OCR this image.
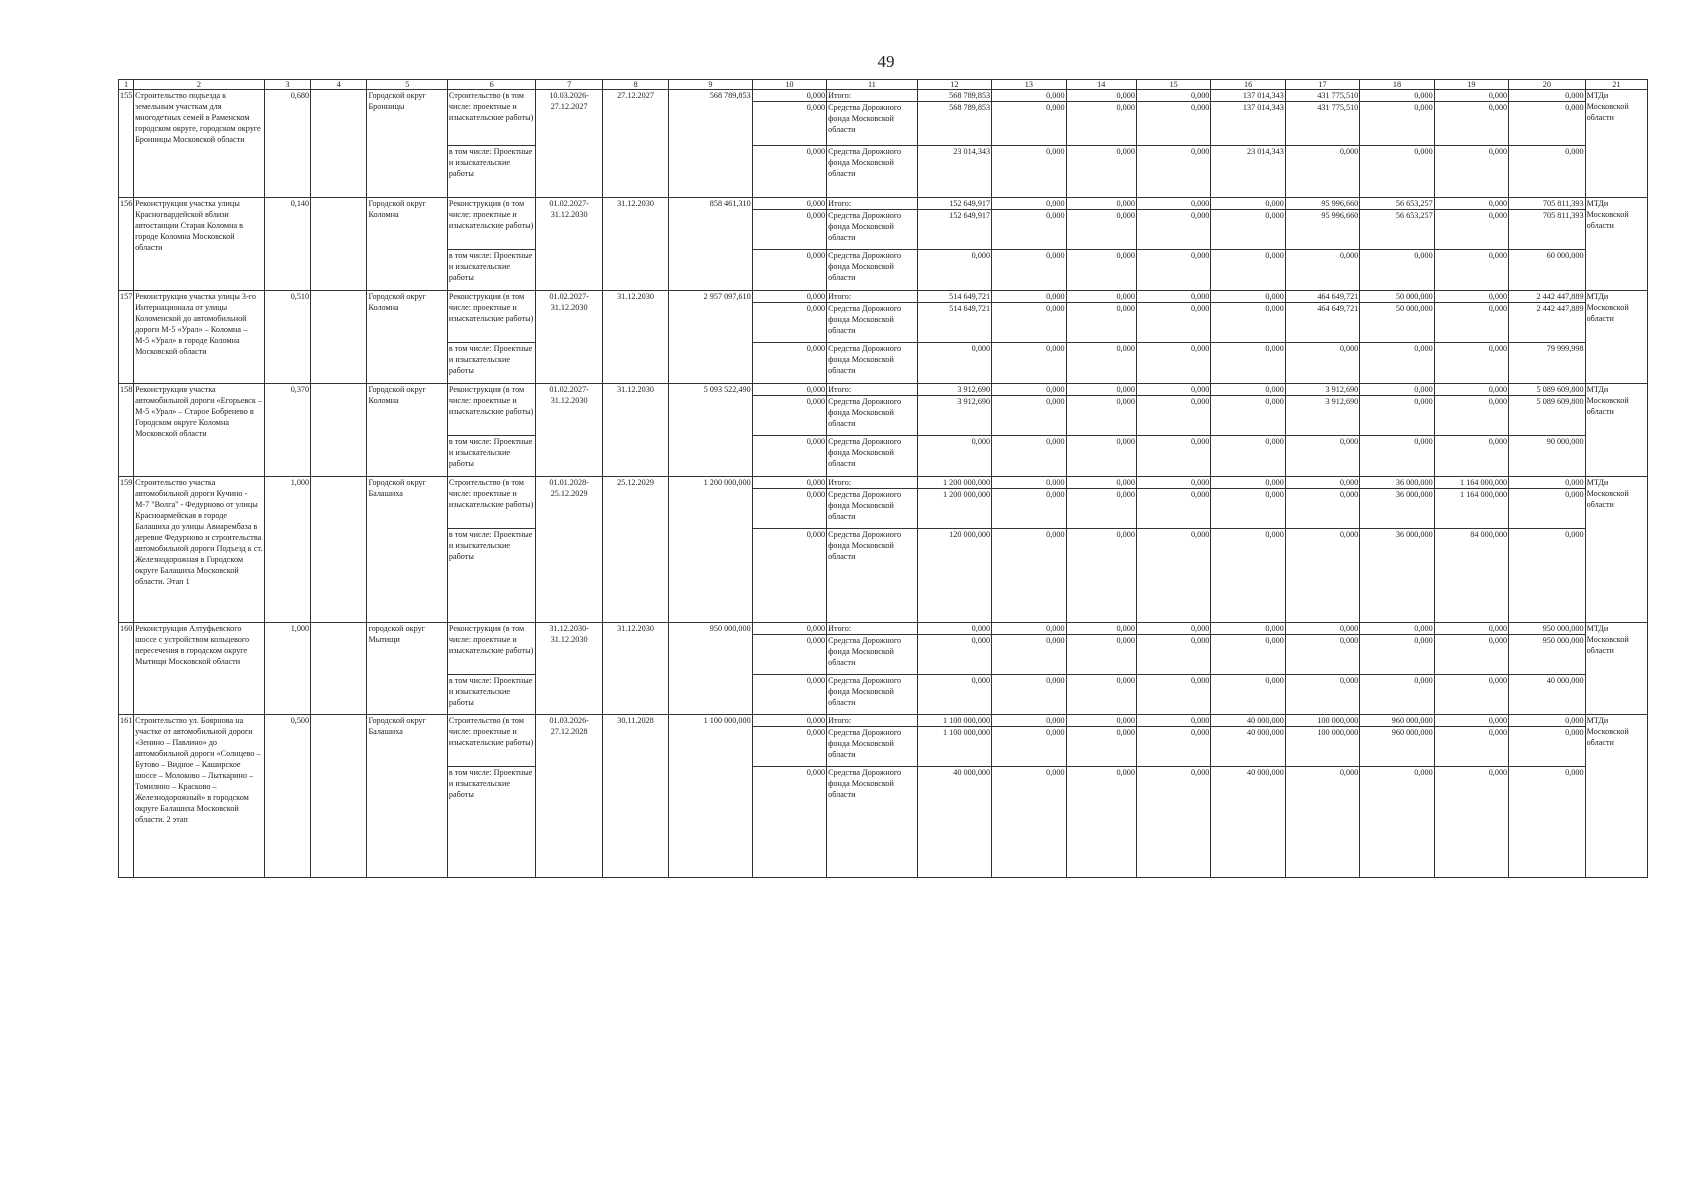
49
1	2	3	4	5	6	7	8	9	10	11	12	13	14	15	16	17	18	19	20	21
155	Строительство подъезда к земельным участкам для многодетных семей в Раменском городском округе, городском округе Бронницы Московской области	0,680		Городской округ Бронницы	Строительство (в том числе: проектные и изыскательские работы)	10.03.2026-27.12.2027	27.12.2027	568 789,853	0,000	Итого:	568 789,853	0,000	0,000	0,000	137 014,343	431 775,510	0,000	0,000	0,000	МТДи Московской области
									0,000	Средства Дорожного фонда Московской области	568 789,853	0,000	0,000	0,000	137 014,343	431 775,510	0,000	0,000	0,000	
					в том числе: Проектные и изыскательские работы				0,000	Средства Дорожного фонда Московской области	23 014,343	0,000	0,000	0,000	23 014,343	0,000	0,000	0,000	0,000	
156	Реконструкция участка улицы Красногвардейской вблизи автостанции Старая Коломна в городе Коломна Московской области	0,140		Городской округ Коломна	Реконструкция (в том числе: проектные и изыскательские работы)	01.02.2027-31.12.2030	31.12.2030	858 461,310	0,000	Итого:	152 649,917	0,000	0,000	0,000	0,000	95 996,660	56 653,257	0,000	705 811,393	МТДи Московской области
									0,000	Средства Дорожного фонда Московской области	152 649,917	0,000	0,000	0,000	0,000	95 996,660	56 653,257	0,000	705 811,393	
					в том числе: Проектные и изыскательские работы				0,000	Средства Дорожного фонда Московской области	0,000	0,000	0,000	0,000	0,000	0,000	0,000	0,000	60 000,000	
157	Реконструкция участка улицы 3-го Интернационала от улицы Коломенской до автомобильной дороги М-5 «Урал» – Коломна – М-5 «Урал» в городе Коломна Московской области	0,510		Городской округ Коломна	Реконструкция (в том числе: проектные и изыскательские работы)	01.02.2027-31.12.2030	31.12.2030	2 957 097,610	0,000	Итого:	514 649,721	0,000	0,000	0,000	0,000	464 649,721	50 000,000	0,000	2 442 447,889	МТДи Московской области
									0,000	Средства Дорожного фонда Московской области	514 649,721	0,000	0,000	0,000	0,000	464 649,721	50 000,000	0,000	2 442 447,889	
					в том числе: Проектные и изыскательские работы				0,000	Средства Дорожного фонда Московской области	0,000	0,000	0,000	0,000	0,000	0,000	0,000	0,000	79 999,998	
158	Реконструкция участка автомобильной дороги «Егорьевск – М-5 «Урал» – Старое Бобренево в Городском округе Коломна Московской области	0,370		Городской округ Коломна	Реконструкция (в том числе: проектные и изыскательские работы)	01.02.2027-31.12.2030	31.12.2030	5 093 522,490	0,000	Итого:	3 912,690	0,000	0,000	0,000	0,000	3 912,690	0,000	0,000	5 089 609,800	МТДи Московской области
									0,000	Средства Дорожного фонда Московской области	3 912,690	0,000	0,000	0,000	0,000	3 912,690	0,000	0,000	5 089 609,800	
					в том числе: Проектные и изыскательские работы				0,000	Средства Дорожного фонда Московской области	0,000	0,000	0,000	0,000	0,000	0,000	0,000	0,000	90 000,000	
159	Строительство участка автомобильной дороги Кучино - М-7 "Волга" - Федурново от улицы Красноармейская в городе Балашиха до улицы Авиарембаза в деревне Федурново и строительства автомобильной дороги Подъезд к ст. Железнодорожная в Городском округе Балашиха Московской области. Этап 1	1,000		Городской округ Балашиха	Строительство (в том числе: проектные и изыскательские работы)	01.01.2028-25.12.2029	25.12.2029	1 200 000,000	0,000	Итого:	1 200 000,000	0,000	0,000	0,000	0,000	0,000	36 000,000	1 164 000,000	0,000	МТДи Московской области
									0,000	Средства Дорожного фонда Московской области	1 200 000,000	0,000	0,000	0,000	0,000	0,000	36 000,000	1 164 000,000	0,000	
					в том числе: Проектные и изыскательские работы				0,000	Средства Дорожного фонда Московской области	120 000,000	0,000	0,000	0,000	0,000	0,000	36 000,000	84 000,000	0,000	
160	Реконструкция Алтуфьевского шоссе с устройством кольцевого пересечения в городском округе Мытищи Московской области	1,000		городской округ Мытищи	Реконструкция (в том числе: проектные и изыскательские работы)	31.12.2030-31.12.2030	31.12.2030	950 000,000	0,000	Итого:	0,000	0,000	0,000	0,000	0,000	0,000	0,000	0,000	950 000,000	МТДи Московской области
									0,000	Средства Дорожного фонда Московской области	0,000	0,000	0,000	0,000	0,000	0,000	0,000	0,000	950 000,000	
					в том числе: Проектные и изыскательские работы				0,000	Средства Дорожного фонда Московской области	0,000	0,000	0,000	0,000	0,000	0,000	0,000	0,000	40 000,000	
161	Строительство ул. Боярнова на участке от автомобильной дороги «Зенино – Павлино» до автомобильной дороги «Солнцево – Бутово – Видное – Каширское шоссе – Молоково – Лыткарино – Томилино – Красково – Железнодорожный» в городском округе Балашиха Московской области. 2 этап	0,500		Городской округ Балашиха	Строительство (в том числе: проектные и изыскательские работы)	01.03.2026-27.12.2028	30.11.2028	1 100 000,000	0,000	Итого:	1 100 000,000	0,000	0,000	0,000	40 000,000	100 000,000	960 000,000	0,000	0,000	МТДи Московской области
									0,000	Средства Дорожного фонда Московской области	1 100 000,000	0,000	0,000	0,000	40 000,000	100 000,000	960 000,000	0,000	0,000	
					в том числе: Проектные и изыскательские работы				0,000	Средства Дорожного фонда Московской области	40 000,000	0,000	0,000	0,000	40 000,000	0,000	0,000	0,000	0,000	
